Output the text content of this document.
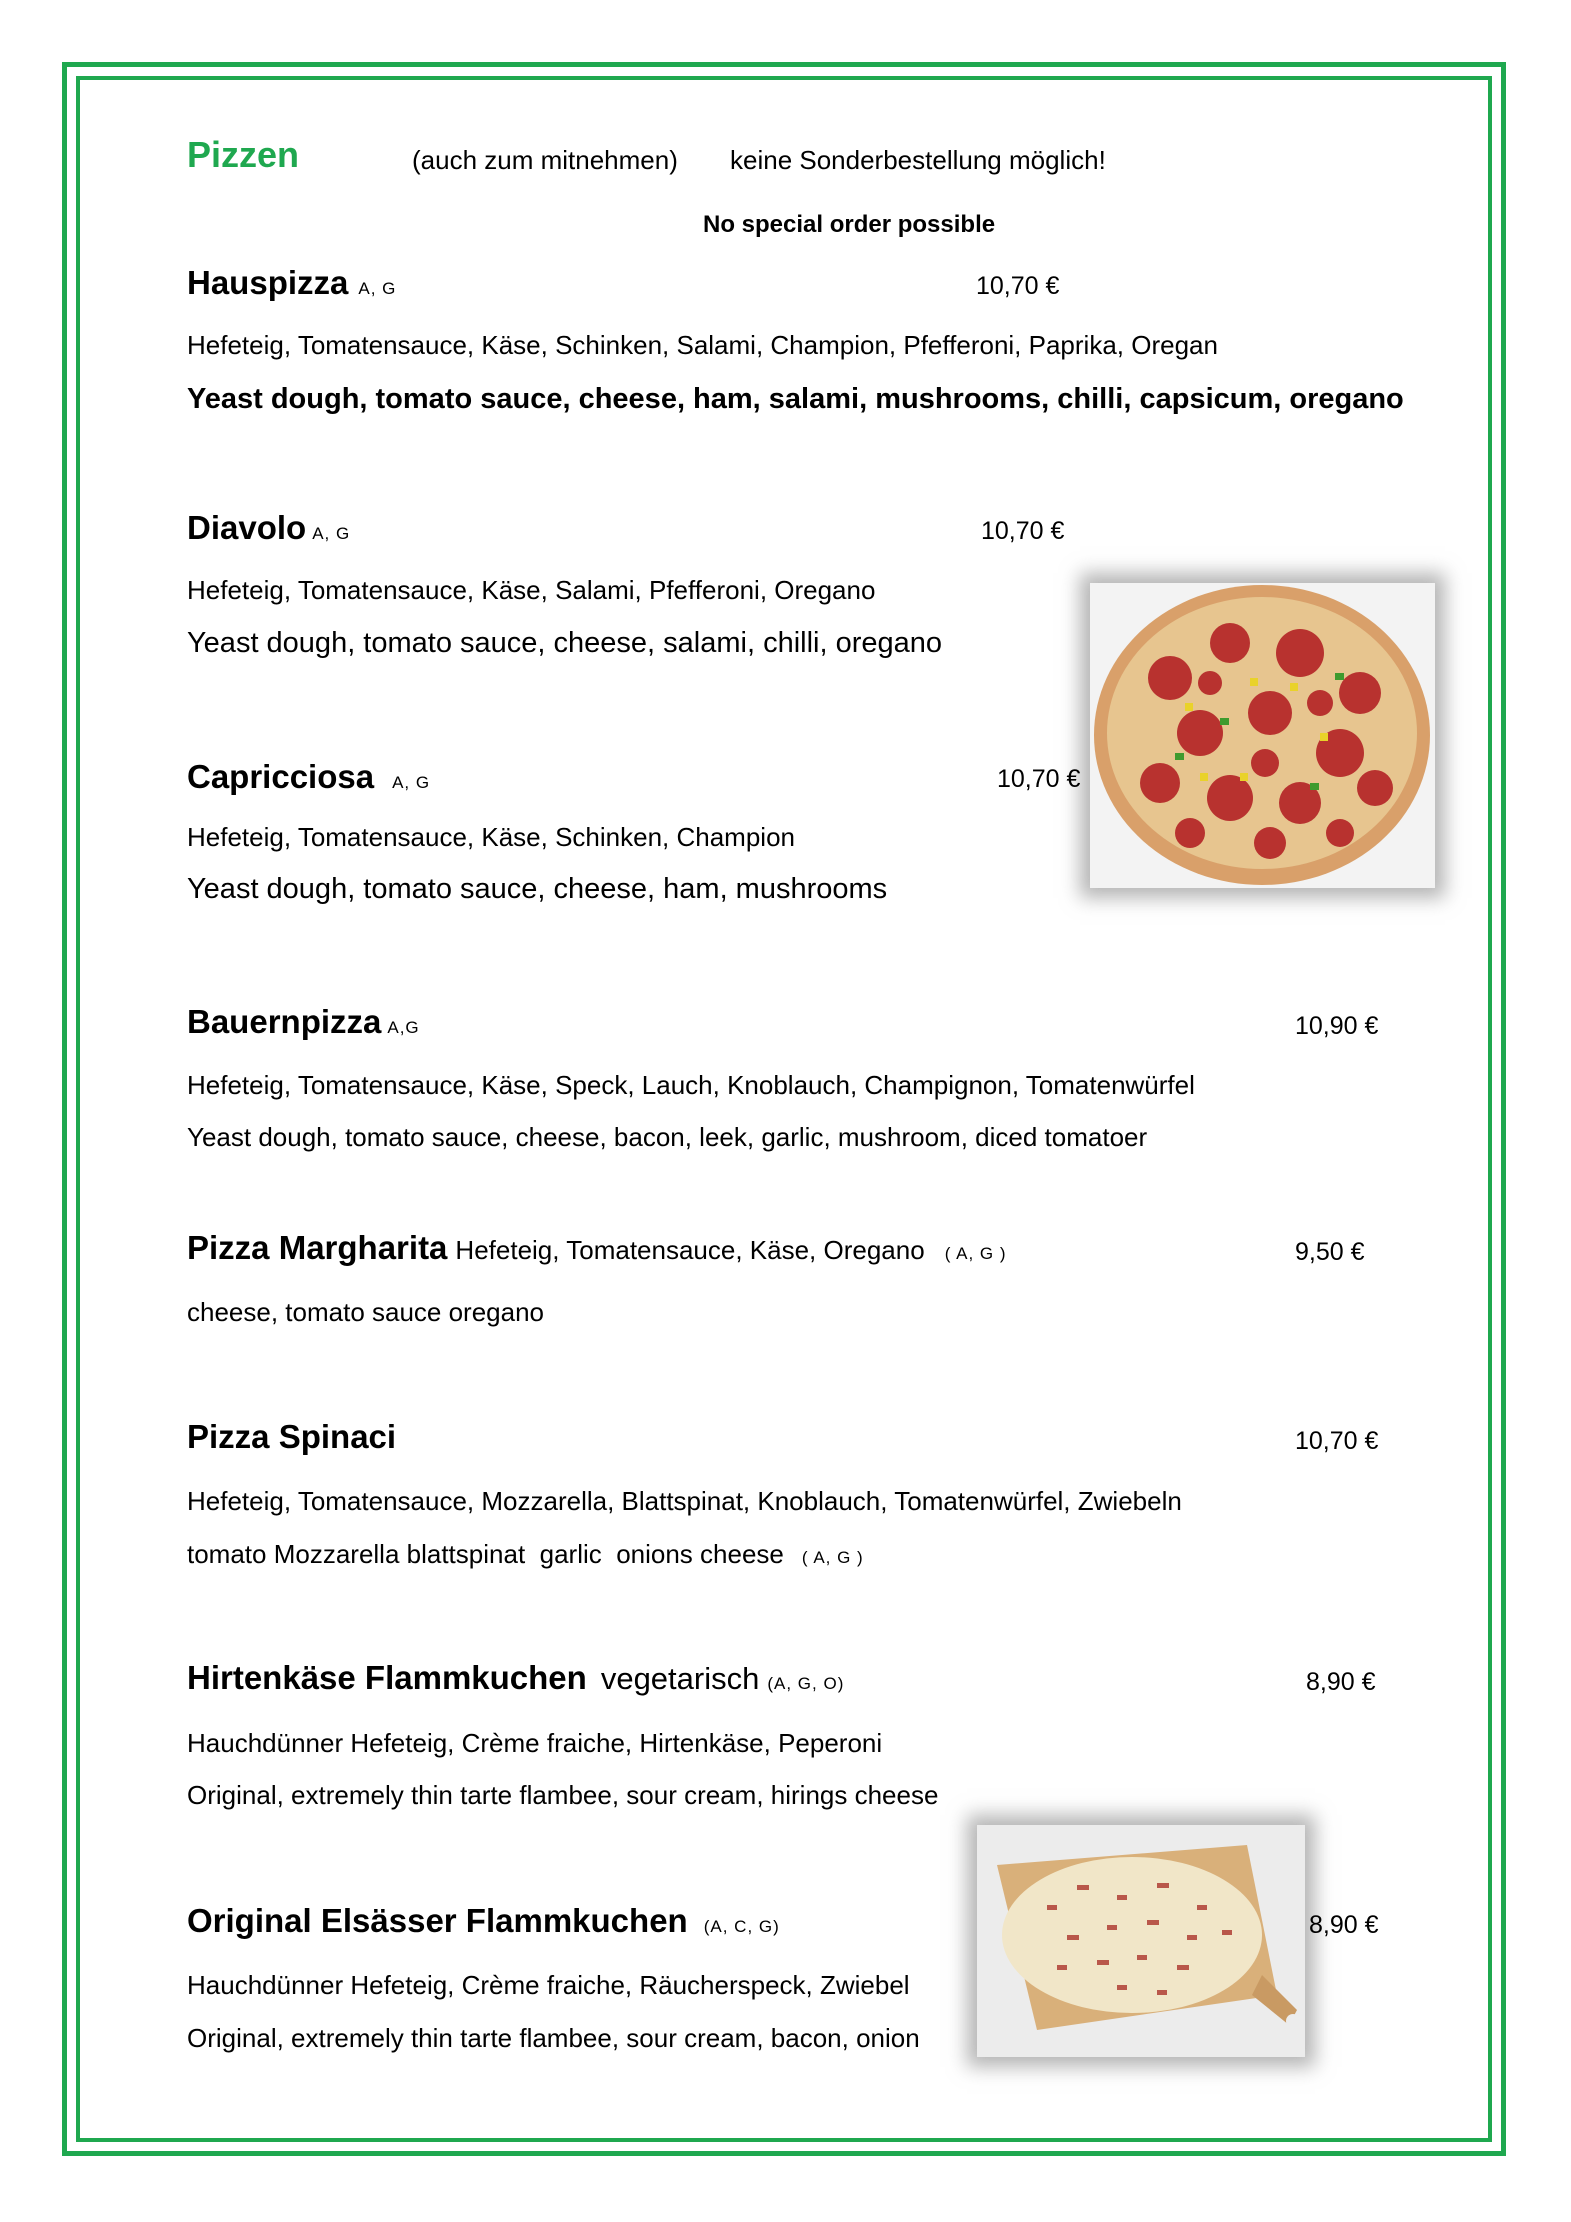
Pizzen	(auch zum mitnehmen) keine Sonderbestellung möglich!
No special order possible
Hauspizza A, G	10,70 €
Hefeteig, Tomatensauce, Käse, Schinken, Salami, Champion, Pfefferoni, Paprika, Oregan
Yeast dough, tomato sauce, cheese, ham, salami, mushrooms, chilli, capsicum, oregano
Diavolo A, G	10,70 €
Hefeteig, Tomatensauce, Käse, Salami, Pfefferoni, Oregano
Yeast dough, tomato sauce, cheese, salami, chilli, oregano
Capricciosa A, G	10,70 €
Hefeteig, Tomatensauce, Käse, Schinken, Champion
Yeast dough, tomato sauce, cheese, ham, mushrooms
Bauernpizza A,G	10,90 €
Hefeteig, Tomatensauce, Käse, Speck, Lauch, Knoblauch, Champignon, Tomatenwürfel
Yeast dough, tomato sauce, cheese, bacon, leek, garlic, mushroom, diced tomatoer
Pizza Margharita Hefeteig, Tomatensauce, Käse, Oregano ( A, G )	9,50 €
cheese, tomato sauce oregano
Pizza Spinaci	10,70 €
Hefeteig, Tomatensauce, Mozzarella, Blattspinat, Knoblauch, Tomatenwürfel, Zwiebeln
tomato Mozzarella blattspinat  garlic  onions cheese ( A, G )
Hirtenkäse Flammkuchen vegetarisch (A, G, O)	8,90 €
Hauchdünner Hefeteig, Crème fraiche, Hirtenkäse, Peperoni
Original, extremely thin tarte flambee, sour cream, hirings cheese
Original Elsässer Flammkuchen (A, C, G)	8,90 €
Hauchdünner Hefeteig, Crème fraiche, Räucherspeck, Zwiebel
Original, extremely thin tarte flambee, sour cream, bacon, onion
